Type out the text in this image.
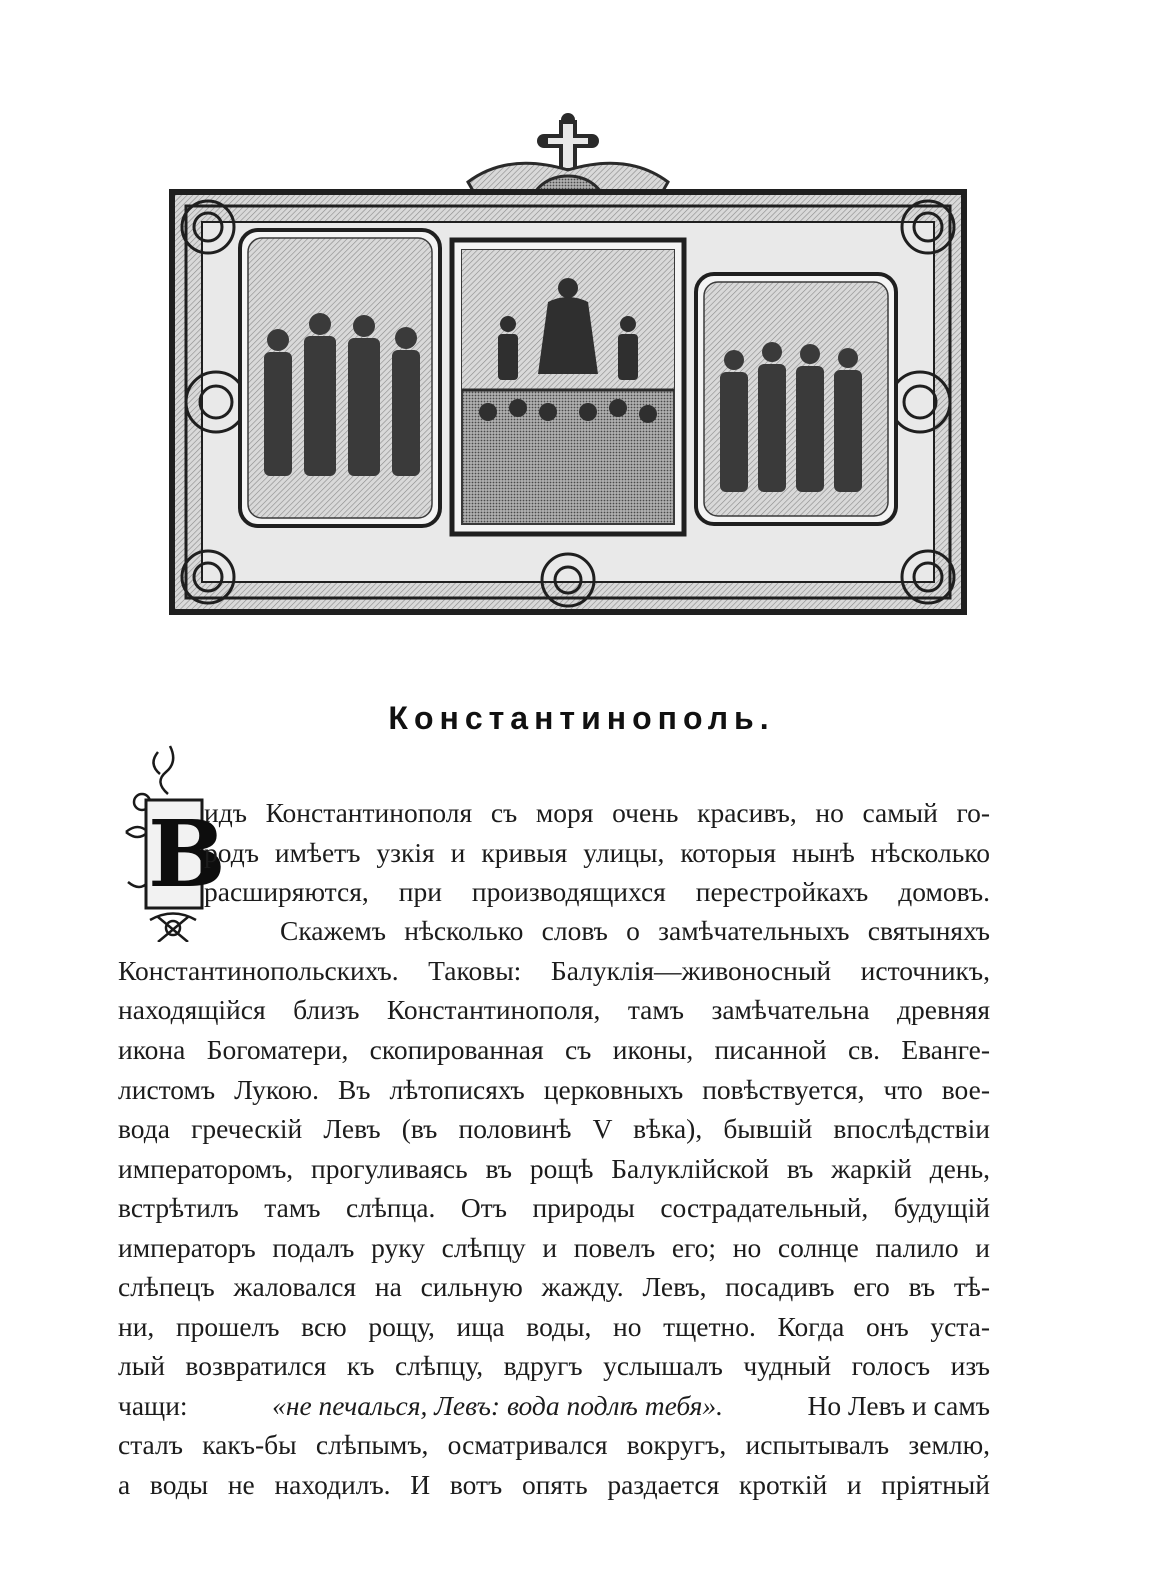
Константинополь.
В
идъ Константинополя съ моря очень красивъ, но самый го-
родъ имѣетъ узкія и кривыя улицы, которыя нынѣ нѣсколько
расширяются, при производящихся перестройкахъ домовъ.
Скажемъ нѣсколько словъ о замѣчательныхъ святыняхъ
Константинопольскихъ. Таковы: Балуклія—живоносный источникъ,
находящійся близъ Константинополя, тамъ замѣчательна древняя
икона Богоматери, скопированная съ иконы, писанной св. Еванге-
листомъ Лукою. Въ лѣтописяхъ церковныхъ повѣствуется, что вое-
вода греческій Левъ (въ половинѣ V вѣка), бывшій впослѣдствіи
императоромъ, прогуливаясь въ рощѣ Балуклійской въ жаркій день,
встрѣтилъ тамъ слѣпца. Отъ природы сострадательный, будущій
императоръ подалъ руку слѣпцу и повелъ его; но солнце палило и
слѣпецъ жаловался на сильную жажду. Левъ, посадивъ его въ тѣ-
ни, прошелъ всю рощу, ища воды, но тщетно. Когда онъ уста-
лый возвратился къ слѣпцу, вдругъ услышалъ чудный голосъ изъ
чащи:	«не печалься, Левъ: вода подлѣ тебя».	Но Левъ и самъ
сталъ какъ-бы слѣпымъ, осматривался вокругъ, испытывалъ землю,
а воды не находилъ. И вотъ опять раздается кроткій и пріятный
